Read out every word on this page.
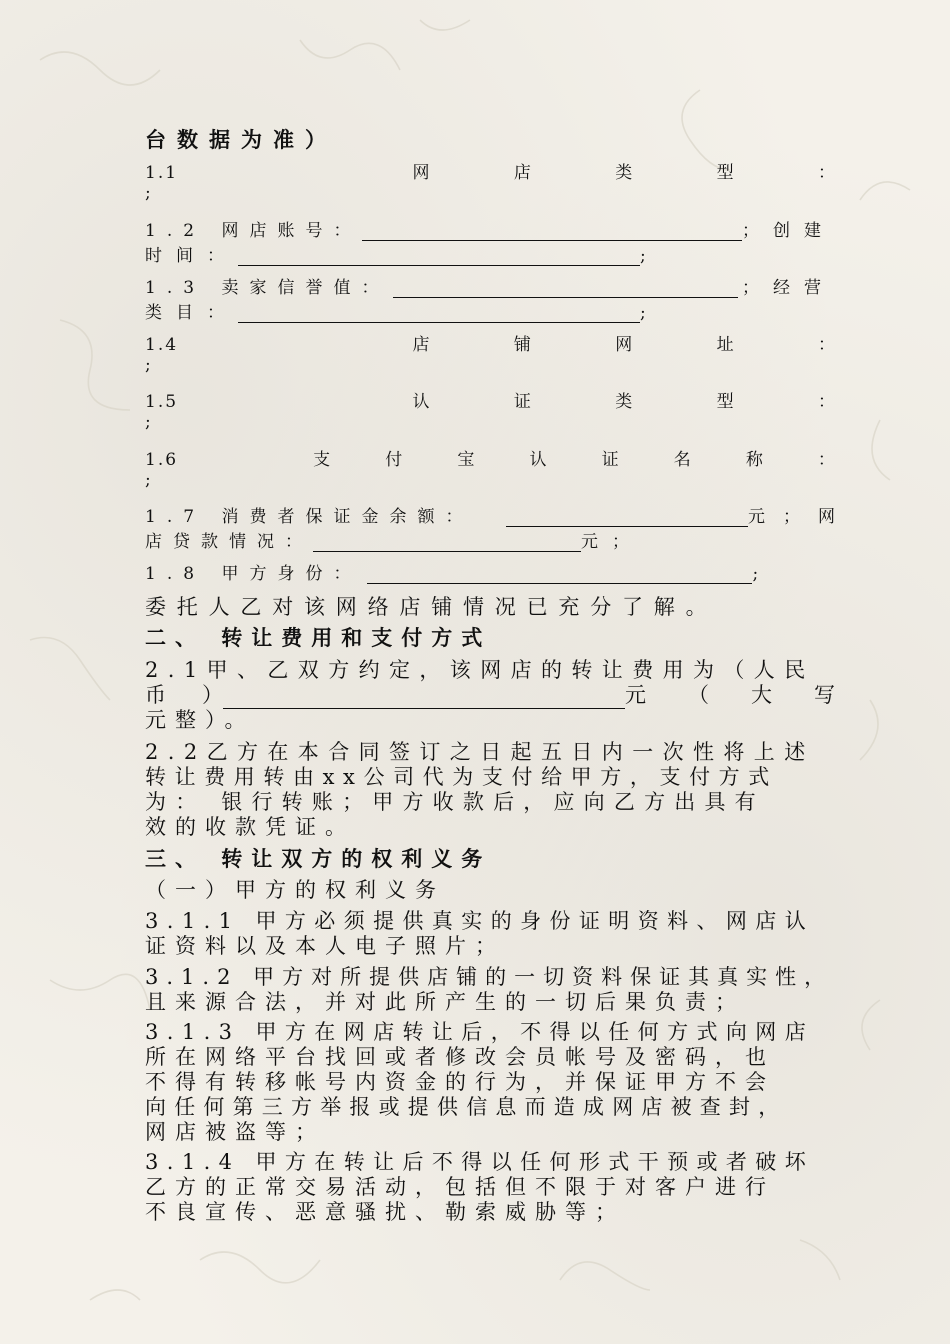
台数据为准）
1.1	网	店	类	型	：
;
1.2 网店账号：	；创建
时间：	;
1.3 卖家信誉值：	；经营
类目：	;
1.4	店	铺	网	址	：
;
1.5	认	证	类	型	：
;
1.6	支	付	宝	认	证	名	称	：
;
1.7 消费者保证金余额：	元；网
店贷款情况：	元；
1.8 甲方身份：	;
委托人乙对该网络店铺情况已充分了解。
二、 转让费用和支付方式
2.1甲、乙双方约定，该网店的转让费用为（人民
币 ）	元 （ 大 写
元整）。
2.2乙方在本合同签订之日起五日内一次性将上述
转让费用转由xx公司代为支付给甲方，支付方式
为： 银行转账；甲方收款后，应向乙方出具有
效的收款凭证。
三、 转让双方的权利义务
（一）甲方的权利义务
3.1.1 甲方必须提供真实的身份证明资料、网店认
证资料以及本人电子照片；
3.1.2 甲方对所提供店铺的一切资料保证其真实性，
且来源合法，并对此所产生的一切后果负责；
3.1.3 甲方在网店转让后，不得以任何方式向网店
所在网络平台找回或者修改会员帐号及密码，也
不得有转移帐号内资金的行为，并保证甲方不会
向任何第三方举报或提供信息而造成网店被查封，
网店被盗等；
3.1.4 甲方在转让后不得以任何形式干预或者破坏
乙方的正常交易活动，包括但不限于对客户进行
不良宣传、恶意骚扰、勒索威胁等；
